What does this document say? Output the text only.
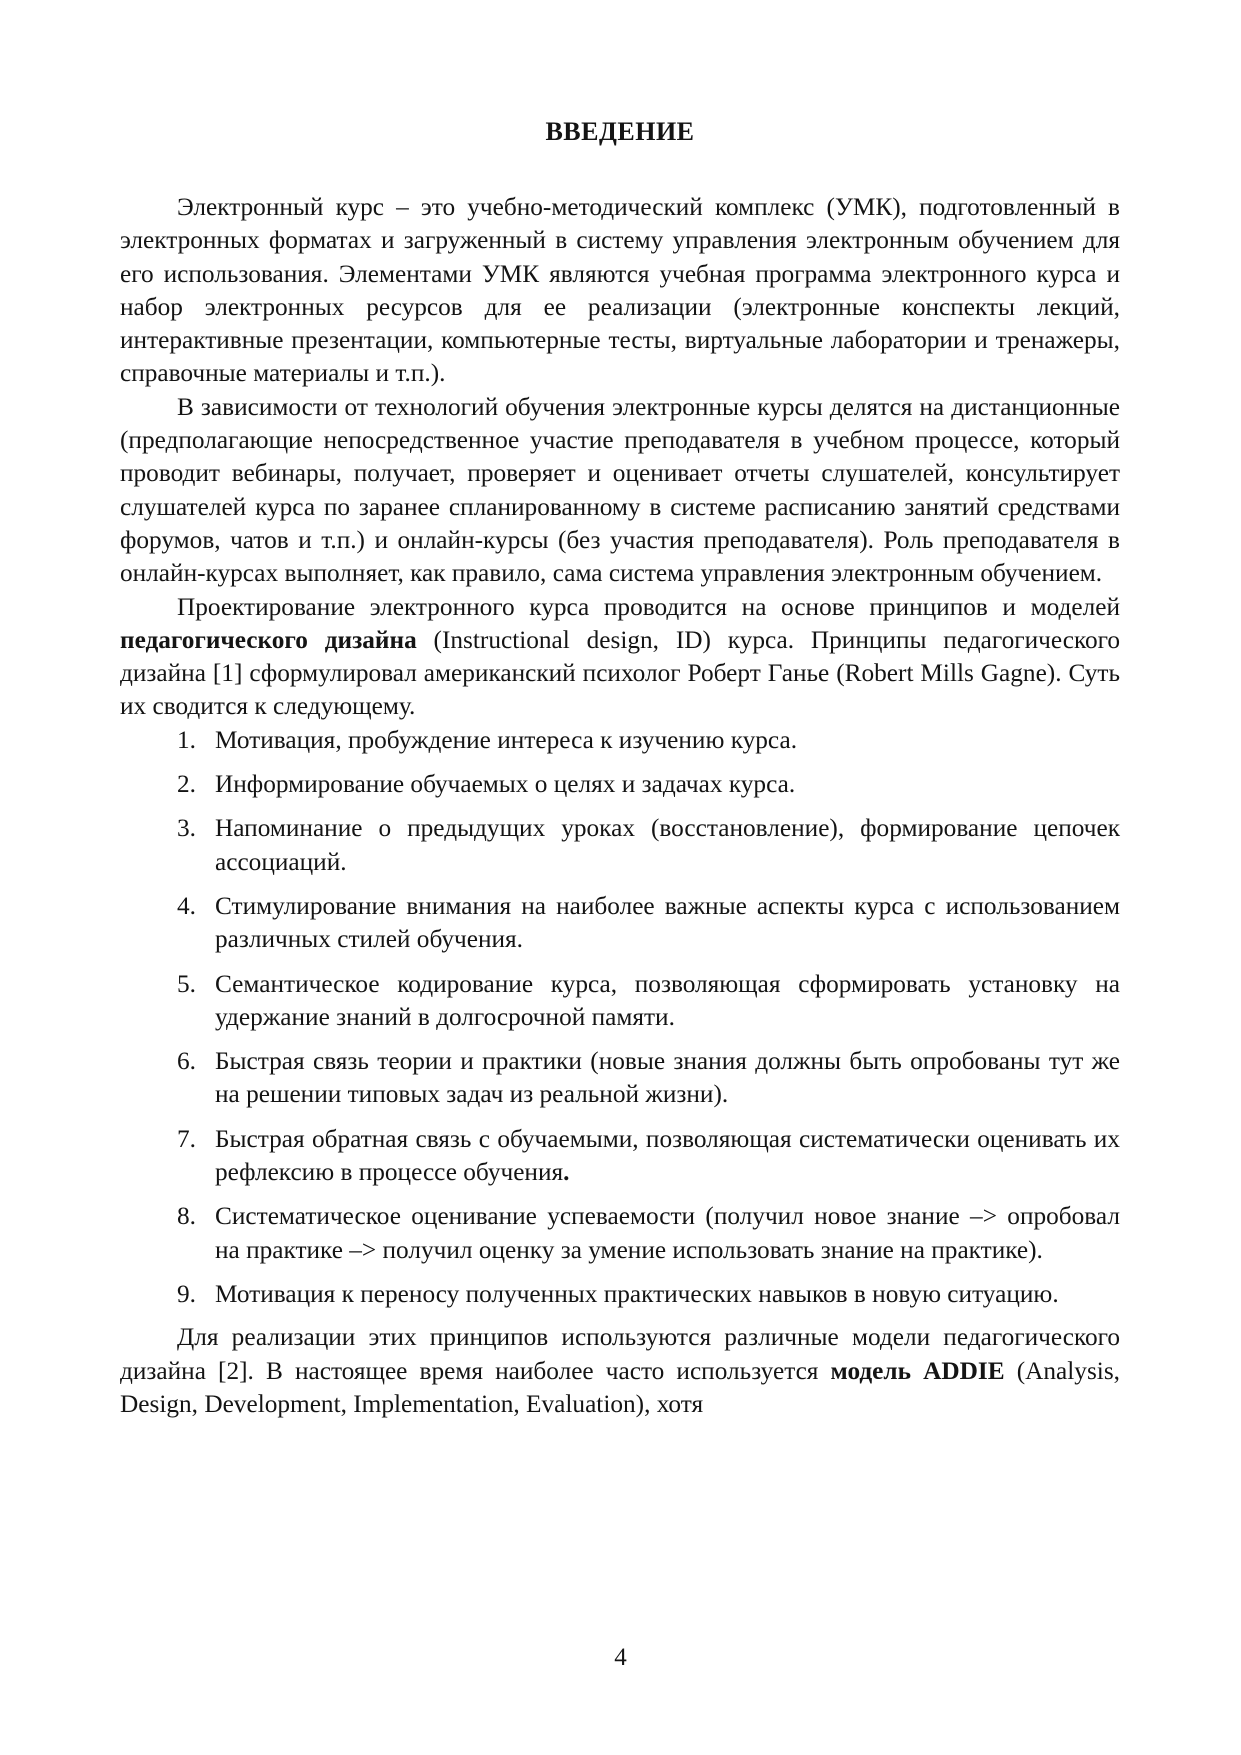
ВВЕДЕНИЕ

Электронный курс – это учебно-методический комплекс (УМК), подготовленный в электронных форматах и загруженный в систему управления электронным обучением для его использования. Элементами УМК являются учебная программа электронного курса и набор электронных ресурсов для ее реализации (электронные конспекты лекций, интерактивные презентации, компьютерные тесты, виртуальные лаборатории и тренажеры, справочные материалы и т.п.).

В зависимости от технологий обучения электронные курсы делятся на дистанционные (предполагающие непосредственное участие преподавателя в учебном процессе, который проводит вебинары, получает, проверяет и оценивает отчеты слушателей, консультирует слушателей курса по заранее спланированному в системе расписанию занятий средствами форумов, чатов и т.п.) и онлайн-курсы (без участия преподавателя). Роль преподавателя в онлайн-курсах выполняет, как правило, сама система управления электронным обучением.

Проектирование электронного курса проводится на основе принципов и моделей педагогического дизайна (Instructional design, ID) курса. Принципы педагогического дизайна [1] сформулировал американский психолог Роберт Ганье (Robert Mills Gagne). Суть их сводится к следующему.

1. Мотивация, пробуждение интереса к изучению курса.
2. Информирование обучаемых о целях и задачах курса.
3. Напоминание о предыдущих уроках (восстановление), формирование цепочек ассоциаций.
4. Стимулирование внимания на наиболее важные аспекты курса с использованием различных стилей обучения.
5. Семантическое кодирование курса, позволяющая сформировать установку на удержание знаний в долгосрочной памяти.
6. Быстрая связь теории и практики (новые знания должны быть опробованы тут же на решении типовых задач из реальной жизни).
7. Быстрая обратная связь с обучаемыми, позволяющая систематически оценивать их рефлексию в процессе обучения.
8. Систематическое оценивание успеваемости (получил новое знание –> опробовал на практике –> получил оценку за умение использовать знание на практике).
9. Мотивация к переносу полученных практических навыков в новую ситуацию.

Для реализации этих принципов используются различные модели педагогического дизайна [2]. В настоящее время наиболее часто используется модель ADDIE (Analysis, Design, Development, Implementation, Evaluation), хотя

4
